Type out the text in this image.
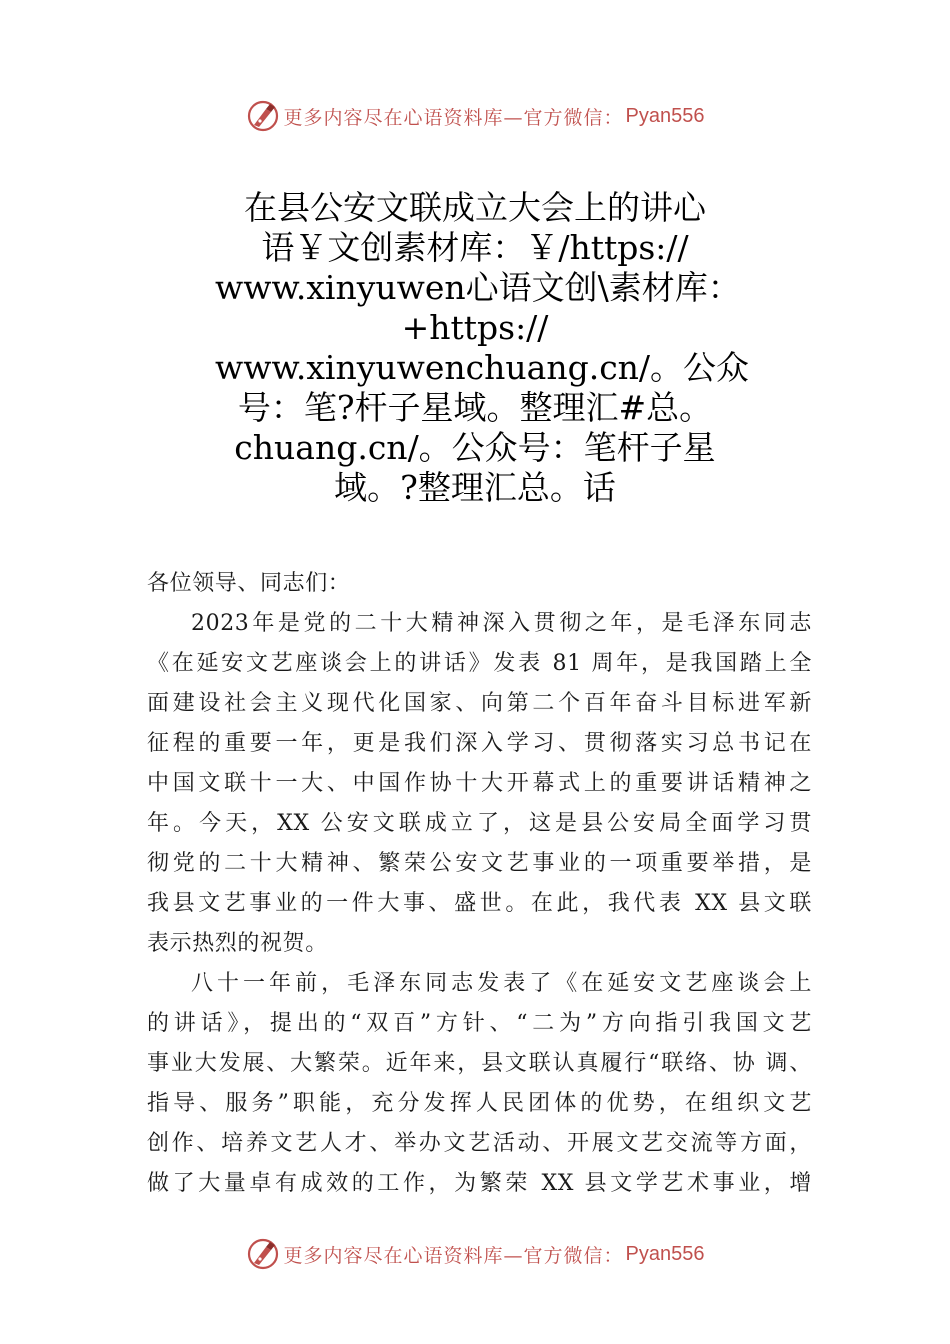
更多内容尽在心语资料库—官方微信： Pyan556
在县公安文联成立大会上的讲心
语￥文创素材库：￥/https://
www.xinyuwen心语文创\素材库：
+https://
www.xinyuwenchuang.cn/。公众
号：笔?杆子星域。整理汇#总。
chuang.cn/。公众号：笔杆子星
域。?整理汇总。话
各位领导、同志们：
2023年是党的二十大精神深入贯彻之年，是毛泽东同志
《在延安文艺座谈会上的讲话》发表 81 周年，是我国踏上全
面建设社会主义现代化国家、向第二个百年奋斗目标进军新
征程的重要一年，更是我们深入学习、贯彻落实习总书记在
中国文联十一大、中国作协十大开幕式上的重要讲话精神之
年。今天，XX 公安文联成立了，这是县公安局全面学习贯
彻党的二十大精神、繁荣公安文艺事业的一项重要举措，是
我县文艺事业的一件大事、盛世。在此，我代表 XX 县文联
表示热烈的祝贺。
八十一年前，毛泽东同志发表了《在延安文艺座谈会上
的讲话》，提出的“双百”方针、“二为”方向指引我国文艺
事业大发展、大繁荣。近年来，县文联认真履行“联络、协 调、
指导、服务”职能，充分发挥人民团体的优势，在组织文艺
创作、培养文艺人才、举办文艺活动、开展文艺交流等方面，
做了大量卓有成效的工作，为繁荣 XX 县文学艺术事业，增
更多内容尽在心语资料库—官方微信： Pyan556
